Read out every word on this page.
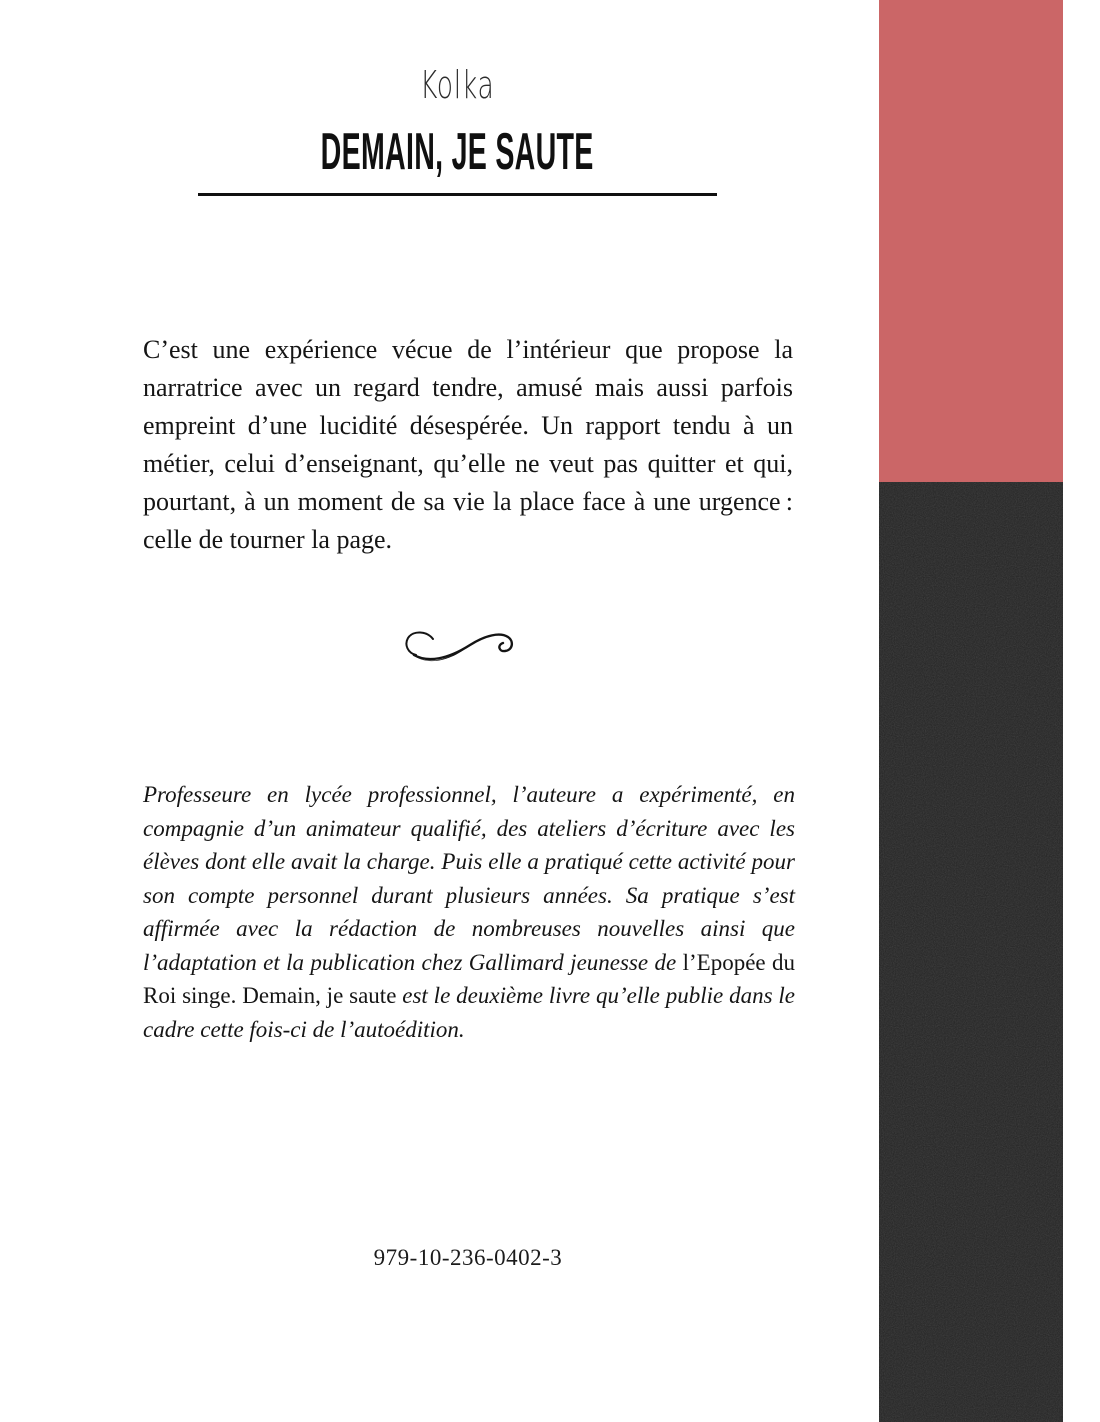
Kolka
DEMAIN, JE SAUTE

C’est une expérience vécue de l’intérieur que propose la narratrice avec un regard tendre, amusé mais aussi parfois empreint d’une lucidité désespérée. Un rapport tendu à un métier, celui d’enseignant, qu’elle ne veut pas quitter et qui, pourtant, à un moment de sa vie la place face à une urgence : celle de tourner la page.

Professeure en lycée professionnel, l’auteure a expérimenté, en compagnie d’un animateur qualifié, des ateliers d’écriture avec les élèves dont elle avait la charge. Puis elle a pratiqué cette activité pour son compte personnel durant plusieurs années. Sa pratique s’est affirmée avec la rédaction de nombreuses nouvelles ainsi que l’adaptation et la publication chez Gallimard jeunesse de l’Epopée du Roi singe. Demain, je saute est le deuxième livre qu’elle publie dans le cadre cette fois-ci de l’autoédition.

979-10-236-0402-3
